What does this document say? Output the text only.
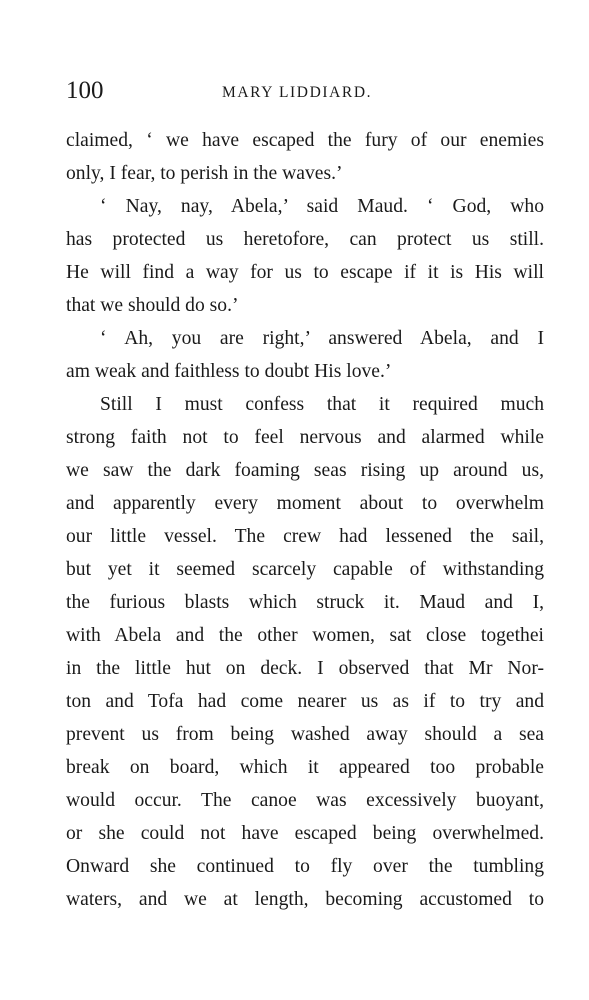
100	MARY LIDDIARD.
claimed, ‘ we have escaped the fury of our enemies
only, I fear, to perish in the waves.’
‘ Nay, nay, Abela,’ said Maud. ‘ God, who
has protected us heretofore, can protect us still.
He will find a way for us to escape if it is His will
that we should do so.’
‘ Ah, you are right,’ answered Abela, and I
am weak and faithless to doubt His love.’
Still I must confess that it required much
strong faith not to feel nervous and alarmed while
we saw the dark foaming seas rising up around us,
and apparently every moment about to overwhelm
our little vessel. The crew had lessened the sail,
but yet it seemed scarcely capable of withstanding
the furious blasts which struck it. Maud and I,
with Abela and the other women, sat close togethei
in the little hut on deck. I observed that Mr Nor-
ton and Tofa had come nearer us as if to try and
prevent us from being washed away should a sea
break on board, which it appeared too probable
would occur. The canoe was excessively buoyant,
or she could not have escaped being overwhelmed.
Onward she continued to fly over the tumbling
waters, and we at length, becoming accustomed to
